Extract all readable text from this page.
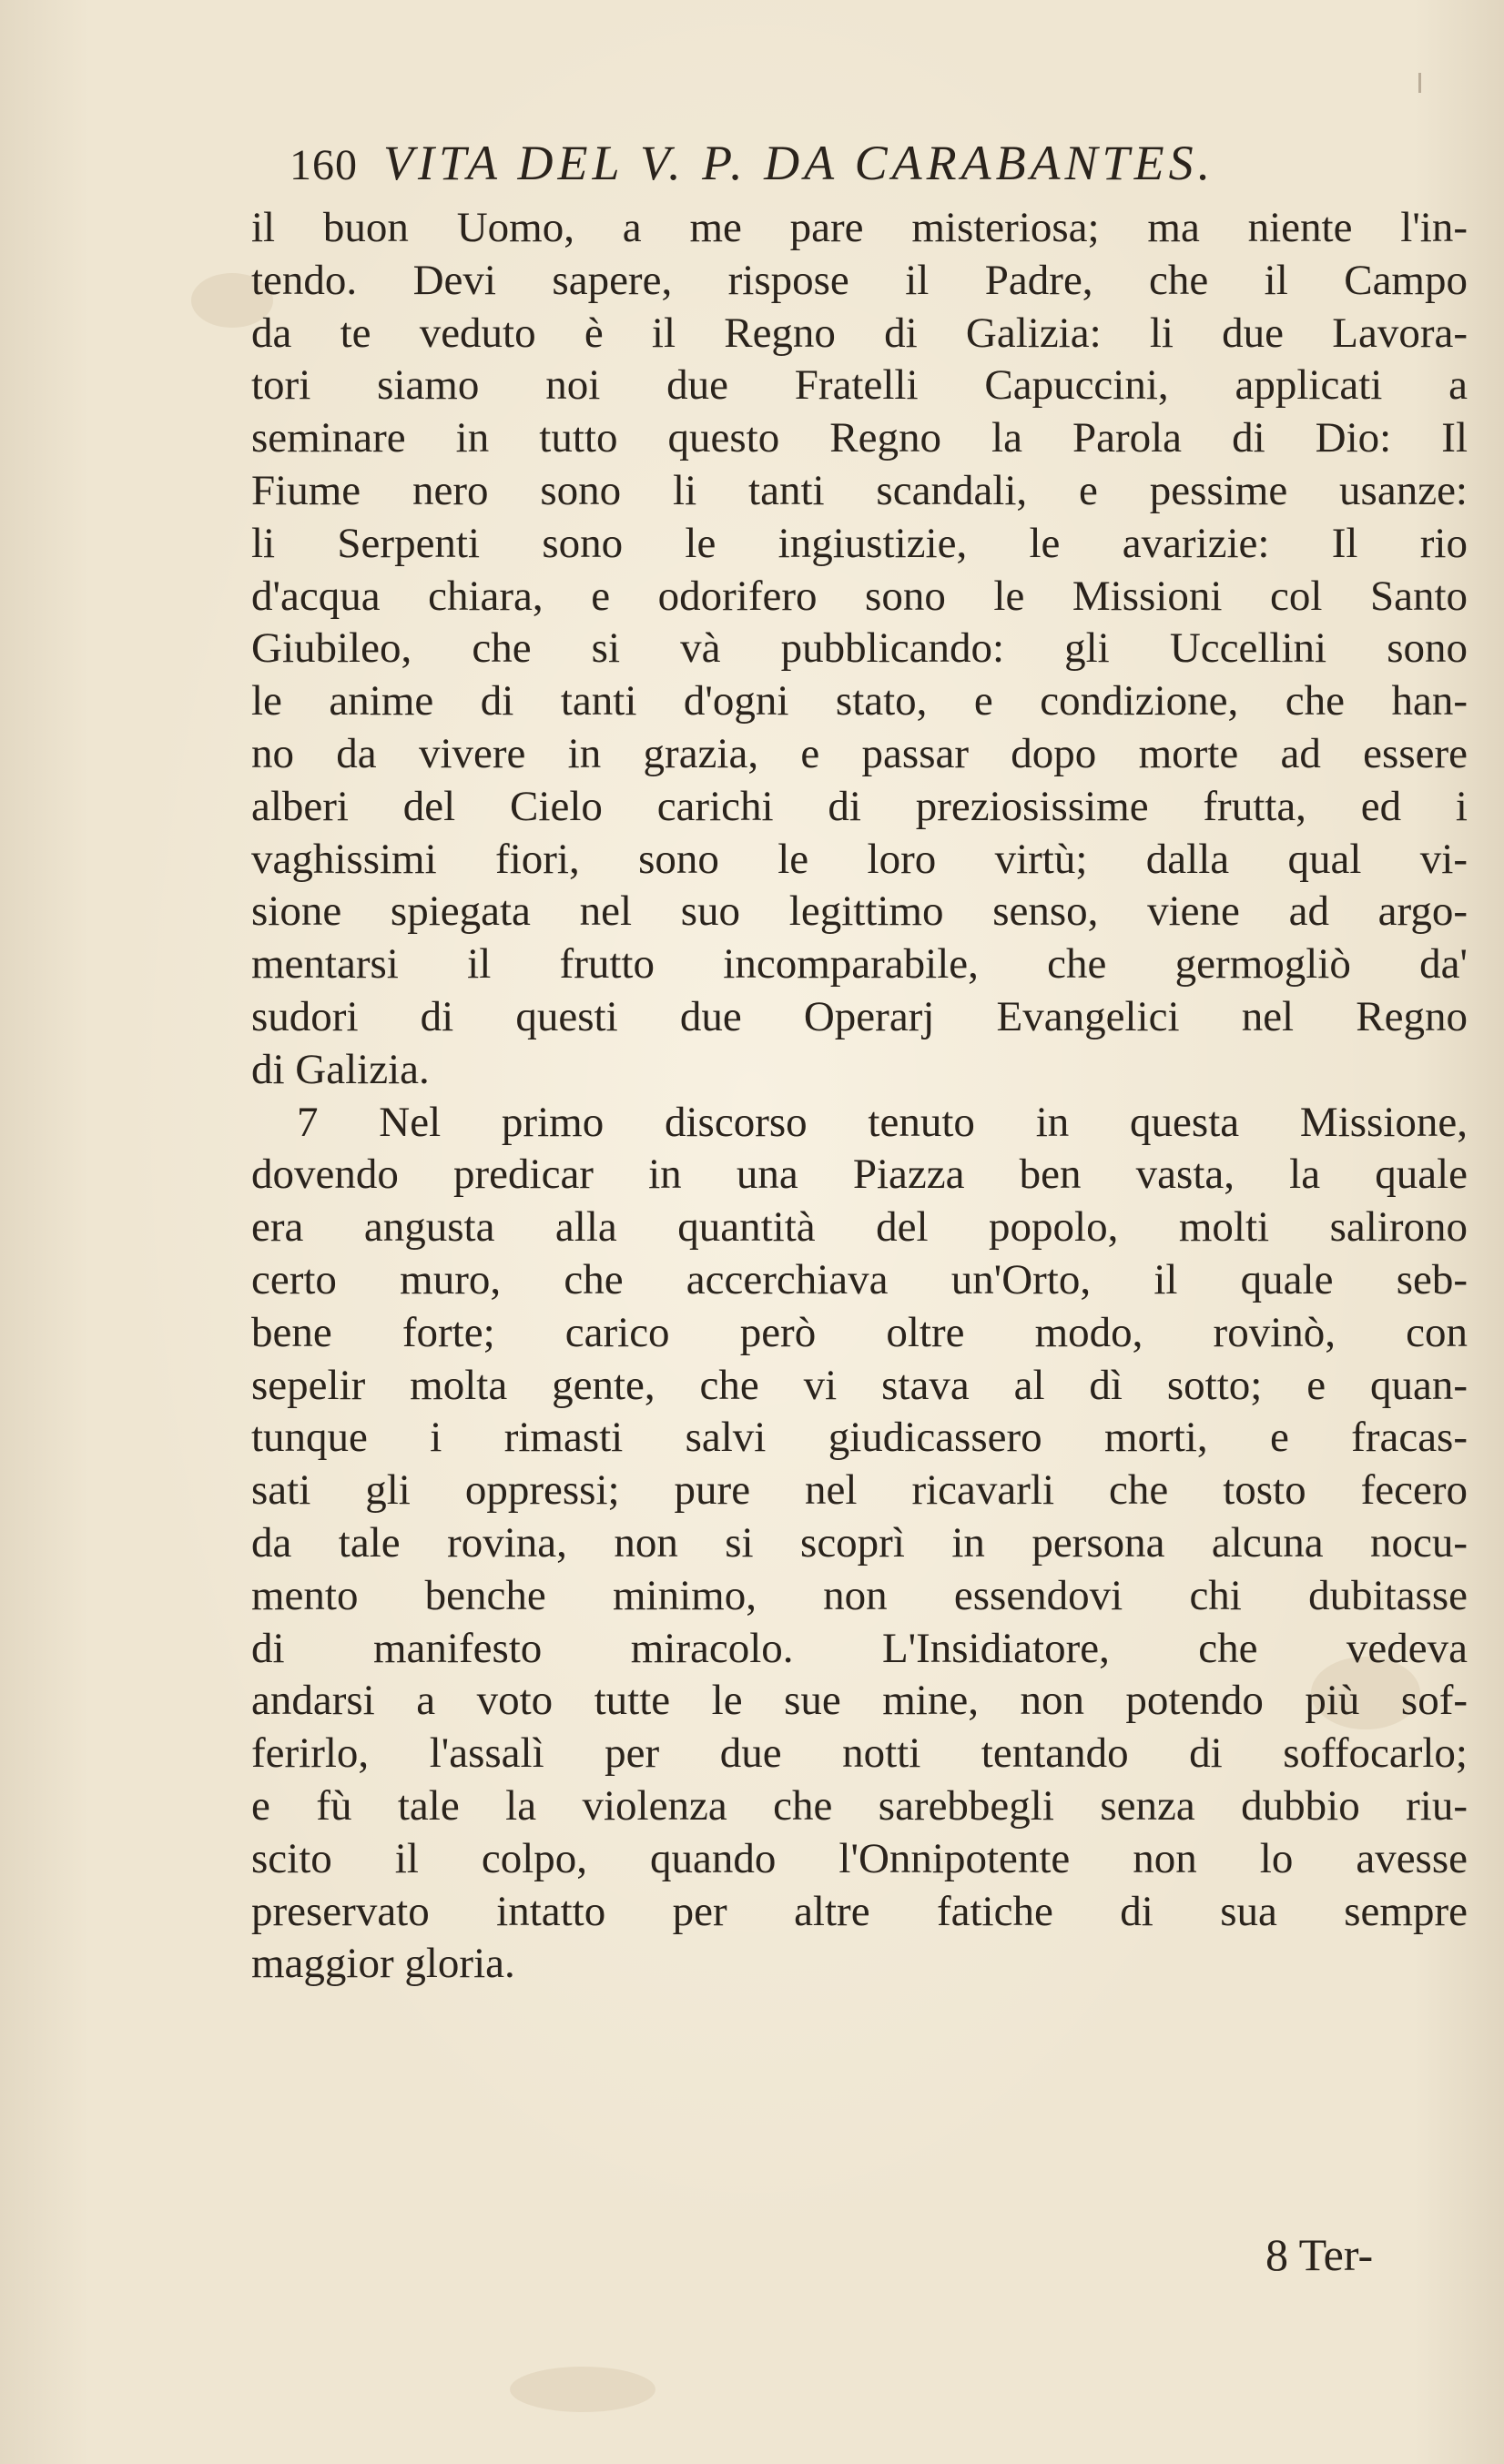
160 VITA DEL V. P. DA CARABANTES.
il buon Uomo, a me pare misteriosa; ma niente l'in-
tendo. Devi sapere, rispose il Padre, che il Campo
da te veduto è il Regno di Galizia: li due Lavora-
tori siamo noi due Fratelli Capuccini, applicati a
seminare in tutto questo Regno la Parola di Dio: Il
Fiume nero sono li tanti scandali, e pessime usanze:
li Serpenti sono le ingiustizie, le avarizie: Il rio
d'acqua chiara, e odorifero sono le Missioni col Santo
Giubileo, che si và pubblicando: gli Uccellini sono
le anime di tanti d'ogni stato, e condizione, che han-
no da vivere in grazia, e passar dopo morte ad essere
alberi del Cielo carichi di preziosissime frutta, ed i
vaghissimi fiori, sono le loro virtù; dalla qual vi-
sione spiegata nel suo legittimo senso, viene ad argo-
mentarsi il frutto incomparabile, che germogliò da'
sudori di questi due Operarj Evangelici nel Regno
di Galizia.
7 Nel primo discorso tenuto in questa Missione,
dovendo predicar in una Piazza ben vasta, la quale
era angusta alla quantità del popolo, molti salirono
certo muro, che accerchiava un'Orto, il quale seb-
bene forte; carico però oltre modo, rovinò, con
sepelir molta gente, che vi stava al dì sotto; e quan-
tunque i rimasti salvi giudicassero morti, e fracas-
sati gli oppressi; pure nel ricavarli che tosto fecero
da tale rovina, non si scoprì in persona alcuna nocu-
mento benche minimo, non essendovi chi dubitasse
di manifesto miracolo. L'Insidiatore, che vedeva
andarsi a voto tutte le sue mine, non potendo più sof-
ferirlo, l'assalì per due notti tentando di soffocarlo;
e fù tale la violenza che sarebbegli senza dubbio riu-
scito il colpo, quando l'Onnipotente non lo avesse
preservato intatto per altre fatiche di sua sempre
maggior gloria.
8 Ter-
